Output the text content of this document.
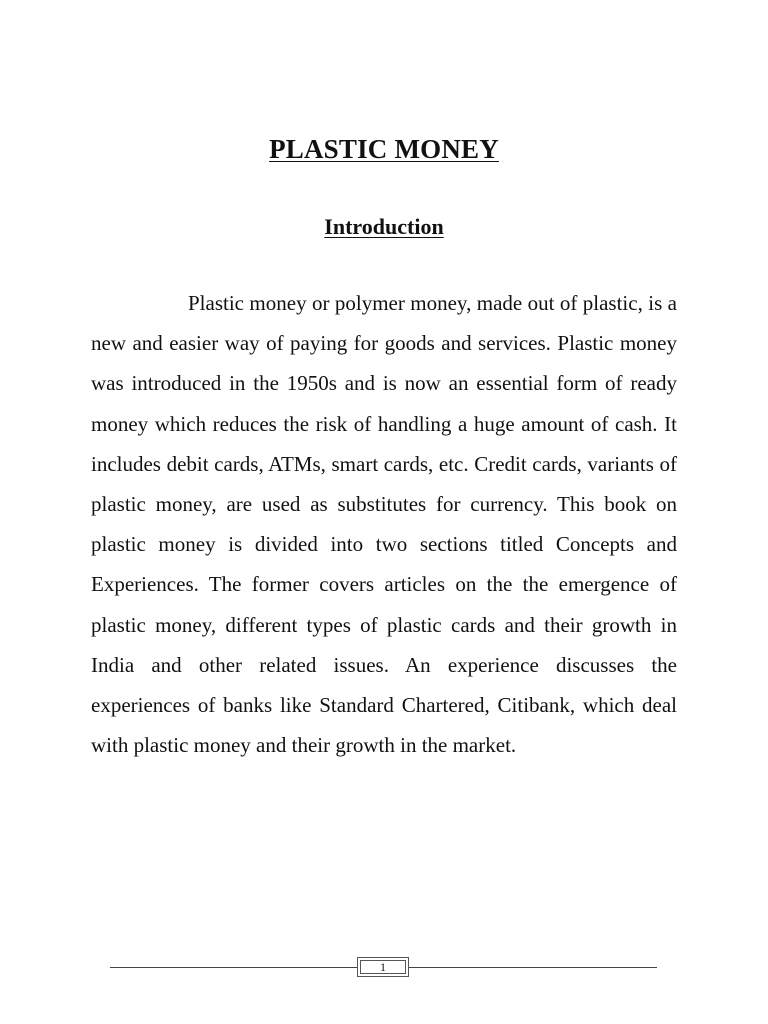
PLASTIC MONEY
Introduction

Plastic money or polymer money, made out of plastic, is a new and easier way of paying for goods and services. Plastic money was introduced in the 1950s and is now an essential form of ready money which reduces the risk of handling a huge amount of cash. It includes debit cards, ATMs, smart cards, etc. Credit cards, variants of plastic money, are used as substitutes for currency. This book on plastic money is divided into two sections titled Concepts and Experiences. The former covers articles on the the emergence of plastic money, different types of plastic cards and their growth in India and other related issues. An experience discusses the experiences of banks like Standard Chartered, Citibank, which deal with plastic money and their growth in the market.

1
